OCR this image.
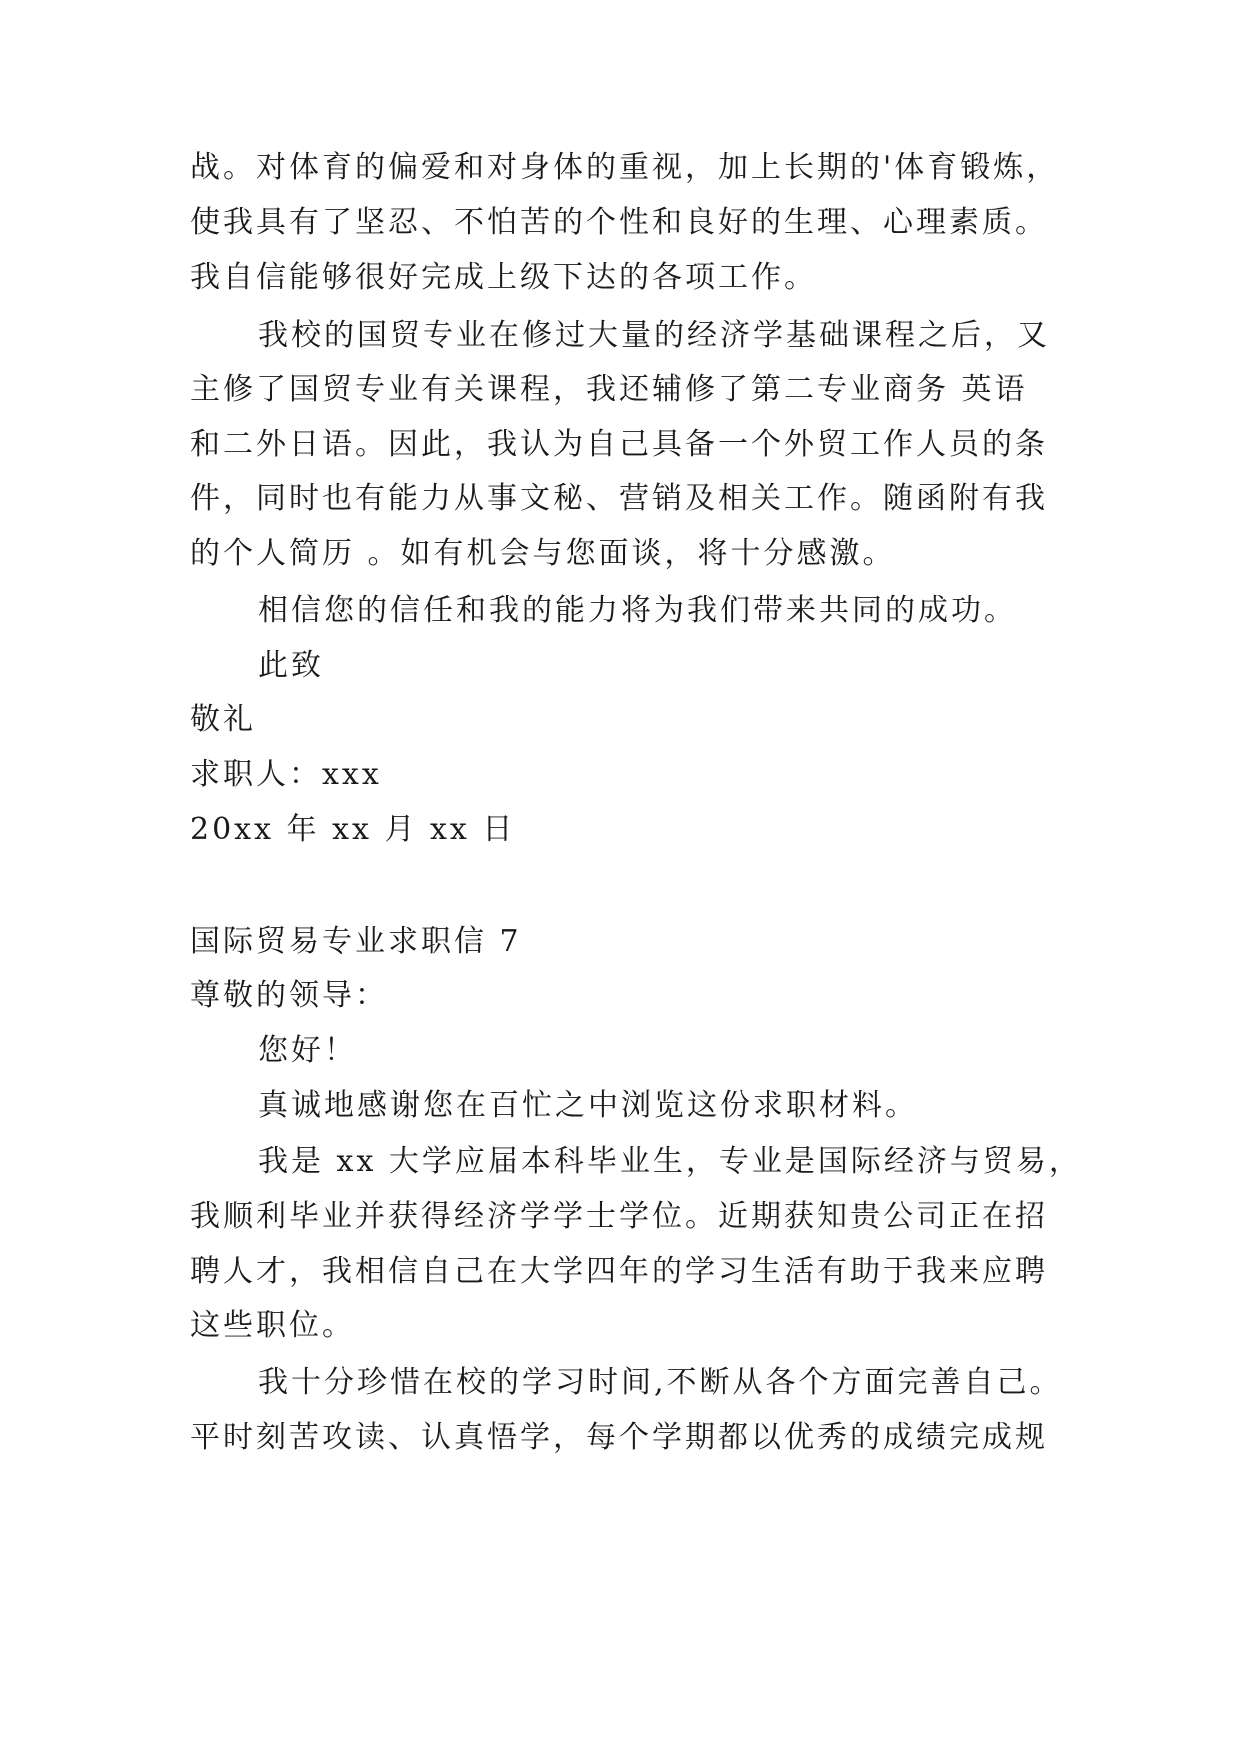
战。对体育的偏爱和对身体的重视，加上长期的'体育锻炼，
使我具有了坚忍、不怕苦的个性和良好的生理、心理素质。
我自信能够很好完成上级下达的各项工作。
我校的国贸专业在修过大量的经济学基础课程之后，又
主修了国贸专业有关课程，我还辅修了第二专业商务 英语
和二外日语。因此，我认为自己具备一个外贸工作人员的条
件，同时也有能力从事文秘、营销及相关工作。随函附有我
的个人简历 。如有机会与您面谈，将十分感激。
相信您的信任和我的能力将为我们带来共同的成功。
此致
敬礼
求职人：xxx
20xx 年 xx 月 xx 日
国际贸易专业求职信 7
尊敬的领导：
您好！
真诚地感谢您在百忙之中浏览这份求职材料。
我是 xx 大学应届本科毕业生，专业是国际经济与贸易，
我顺利毕业并获得经济学学士学位。近期获知贵公司正在招
聘人才，我相信自己在大学四年的学习生活有助于我来应聘
这些职位。
我十分珍惜在校的学习时间,不断从各个方面完善自己。
平时刻苦攻读、认真悟学，每个学期都以优秀的成绩完成规
